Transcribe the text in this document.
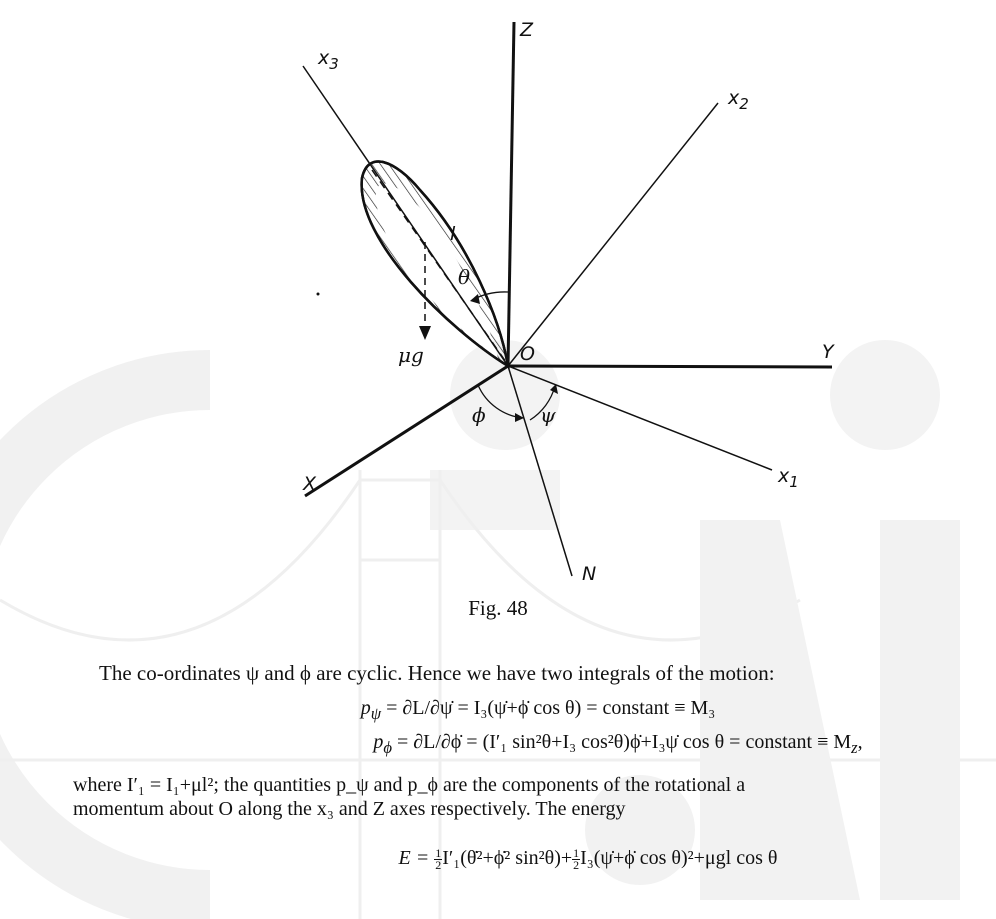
Z
Y
X
N
O
l
$x_3$
$x_2$
$x_1$
θ
ϕ	ψ
μg
Fig. 48
The co-ordinates ψ and ϕ are cyclic. Hence we have two integrals of the motion:
$p_\psi$ = ∂L/∂ψ̇ = I₃(ψ̇+ϕ̇ cos θ) = constant ≡ M₃
$p_\phi$ = ∂L/∂ϕ̇ = (I′₁ sin²θ+I₃ cos²θ)ϕ̇+I₃ψ̇ cos θ = constant ≡ $M_z$,
where I′₁ = I₁+μl²; the quantities p_ψ and p_ϕ are the components of the rotational a
momentum about O along the x₃ and Z axes respectively. The energy
$E = \frac{1}{2}$ I′₁(θ̇²+ϕ̇² $\sin^2\theta)+ \frac{1}{2}$ I₃(ψ̇+ϕ̇ cos θ)²+μgl cos θ
